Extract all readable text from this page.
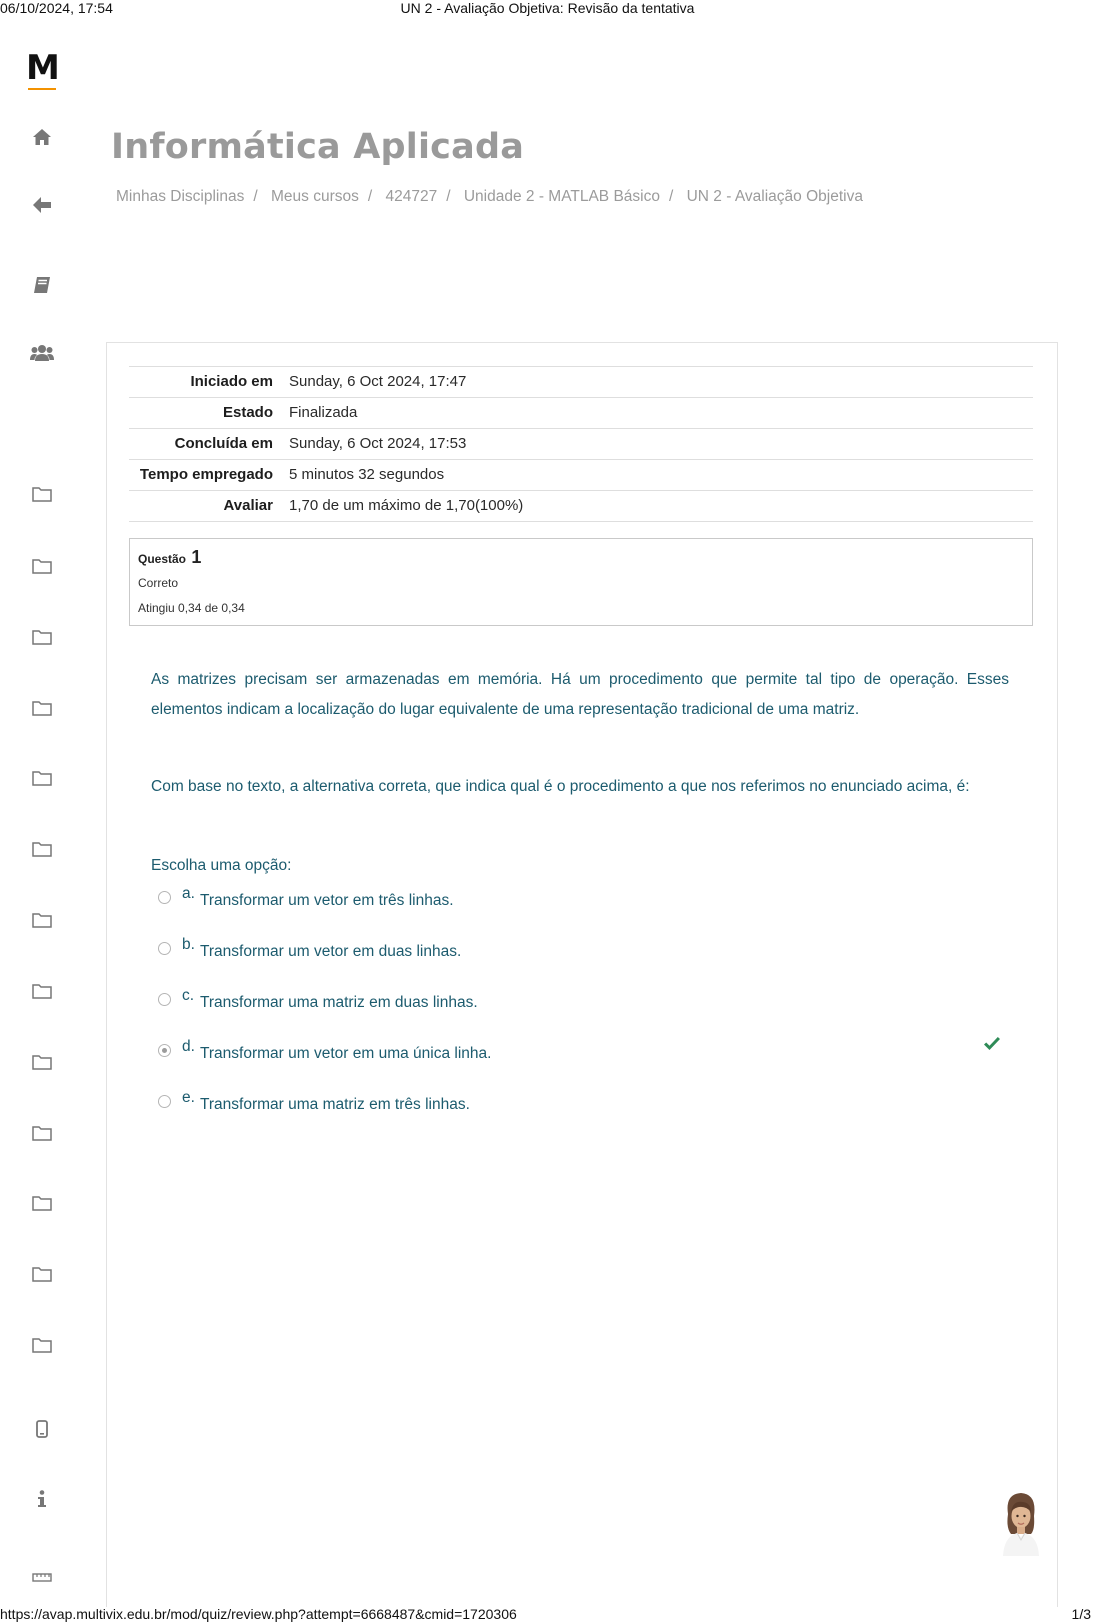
06/10/2024, 17:54	UN 2 - Avaliação Objetiva: Revisão da tentativa
M
Informática Aplicada
Minhas Disciplinas / Meus cursos / 424727 / Unidade 2 - MATLAB Básico / UN 2 - Avaliação Objetiva
Iniciado em	Sunday, 6 Oct 2024, 17:47
Estado	Finalizada
Concluída em	Sunday, 6 Oct 2024, 17:53
Tempo empregado	5 minutos 32 segundos
Avaliar	1,70 de um máximo de 1,70(100%)
Questão 1
Correto
Atingiu 0,34 de 0,34

As matrizes precisam ser armazenadas em memória. Há um procedimento que permite tal tipo de operação. Esses elementos indicam a localização do lugar equivalente de uma representação tradicional de uma matriz.

Com base no texto, a alternativa correta, que indica qual é o procedimento a que nos referimos no enunciado acima, é:

Escolha uma opção:
a. Transformar um vetor em três linhas.
b. Transformar um vetor em duas linhas.
c. Transformar uma matriz em duas linhas.
d. Transformar um vetor em uma única linha.
e. Transformar uma matriz em três linhas.
https://avap.multivix.edu.br/mod/quiz/review.php?attempt=6668487&cmid=1720306	1/3
